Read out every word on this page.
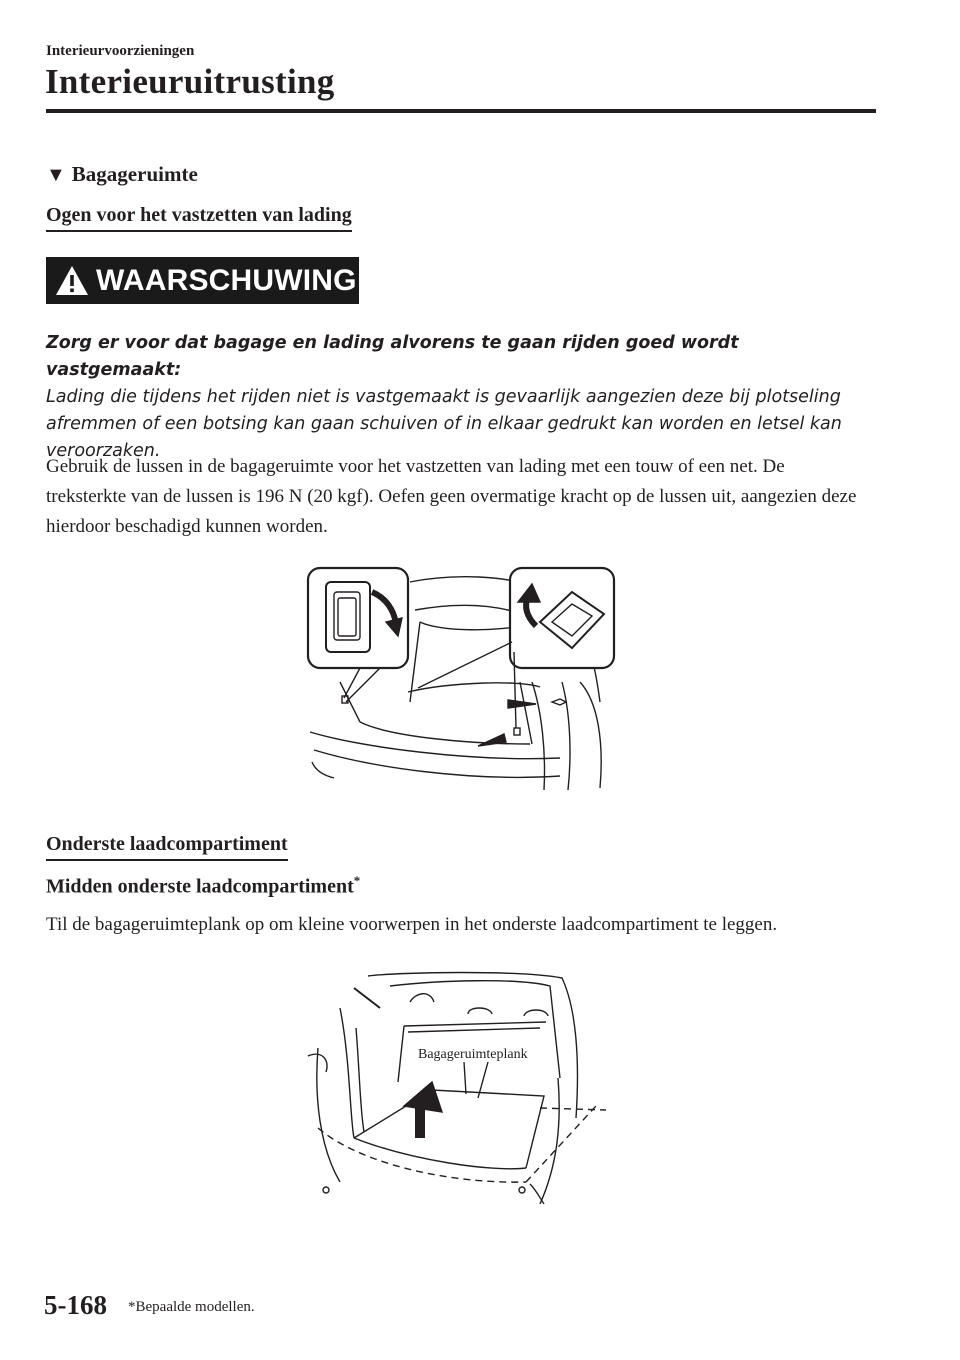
Interieurvoorzieningen
Interieuruitrusting
▼ Bagageruimte
Ogen voor het vastzetten van lading
WAARSCHUWING
Zorg er voor dat bagage en lading alvorens te gaan rijden goed wordt vastgemaakt:
Lading die tijdens het rijden niet is vastgemaakt is gevaarlijk aangezien deze bij plotseling afremmen of een botsing kan gaan schuiven of in elkaar gedrukt kan worden en letsel kan veroorzaken.
Gebruik de lussen in de bagageruimte voor het vastzetten van lading met een touw of een net. De treksterkte van de lussen is 196 N (20 kgf). Oefen geen overmatige kracht op de lussen uit, aangezien deze hierdoor beschadigd kunnen worden.
Onderste laadcompartiment
Midden onderste laadcompartiment*
Til de bagageruimteplank op om kleine voorwerpen in het onderste laadcompartiment te leggen.
Bagageruimteplank
5-168 *Bepaalde modellen.
